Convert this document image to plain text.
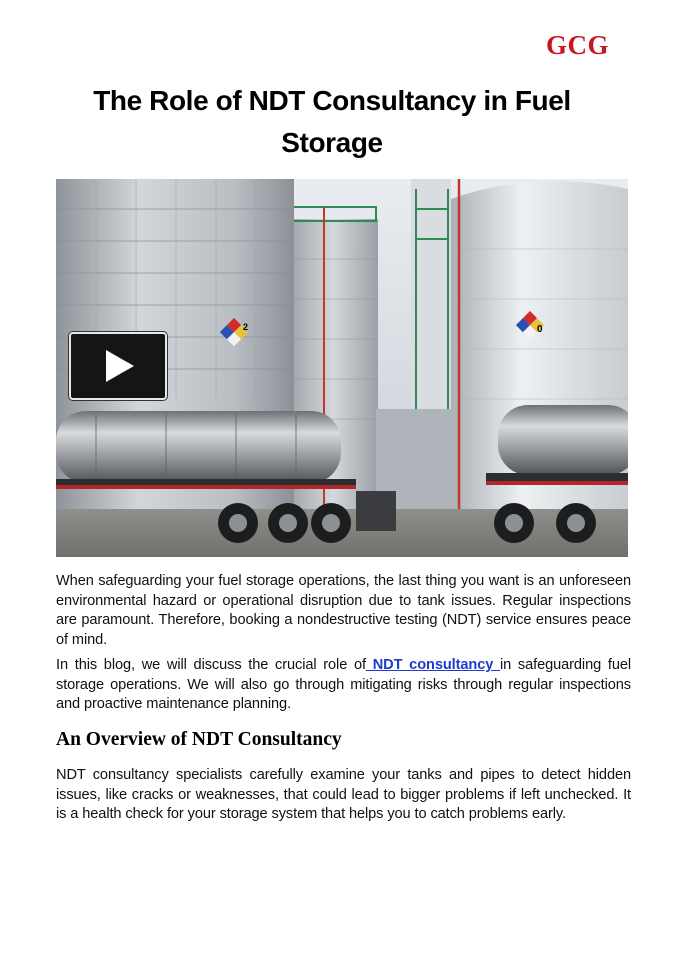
GCG
The Role of NDT Consultancy in Fuel Storage
2	0

When safeguarding your fuel storage operations, the last thing you want is an unforeseen environmental hazard or operational disruption due to tank issues. Regular inspections are paramount. Therefore, booking a nondestructive testing (NDT) service ensures peace of mind.

In this blog, we will discuss the crucial role of NDT consultancy in safeguarding fuel storage operations. We will also go through mitigating risks through regular inspections and proactive maintenance planning.

An Overview of NDT Consultancy

NDT consultancy specialists carefully examine your tanks and pipes to detect hidden issues, like cracks or weaknesses, that could lead to bigger problems if left unchecked. It is a health check for your storage system that helps you to catch problems early.
